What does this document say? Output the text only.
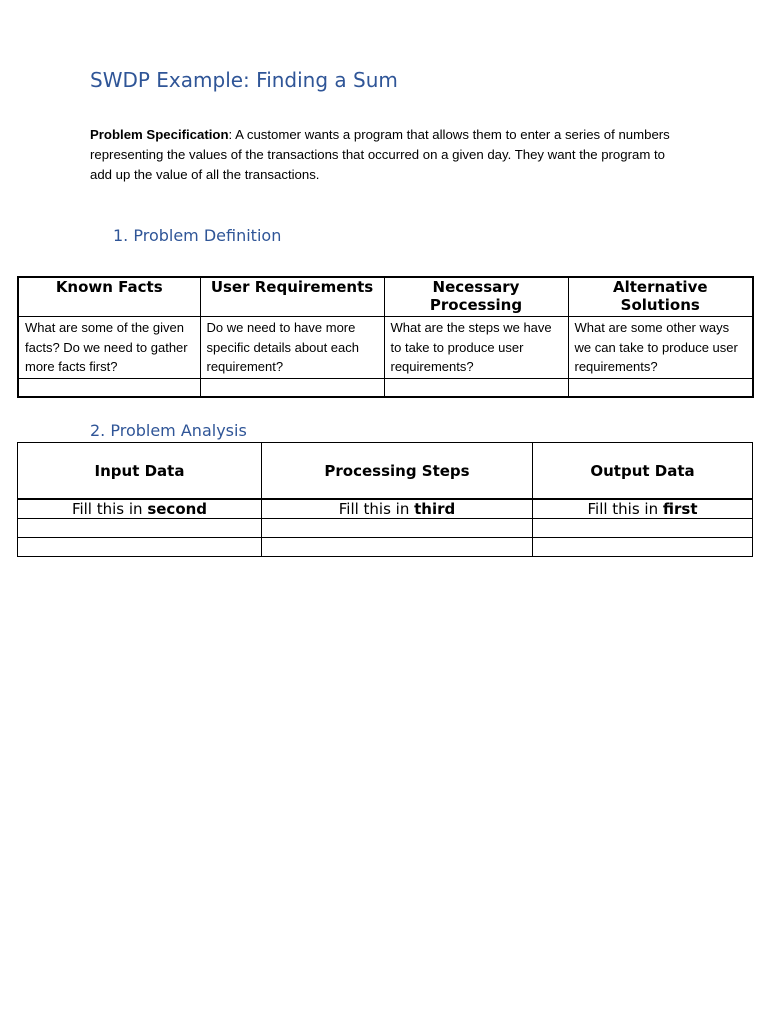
SWDP Example: Finding a Sum
Problem Specification: A customer wants a program that allows them to enter a series of numbers representing the values of the transactions that occurred on a given day. They want the program to add up the value of all the transactions.
1. Problem Definition
Known Facts	User Requirements	Necessary Processing	Alternative Solutions
What are some of the given facts? Do we need to gather more facts first?	Do we need to have more specific details about each requirement?	What are the steps we have to take to produce user requirements?	What are some other ways we can take to produce user requirements?

2. Problem Analysis
Input Data	Processing Steps	Output Data
Fill this in second	Fill this in third	Fill this in first
